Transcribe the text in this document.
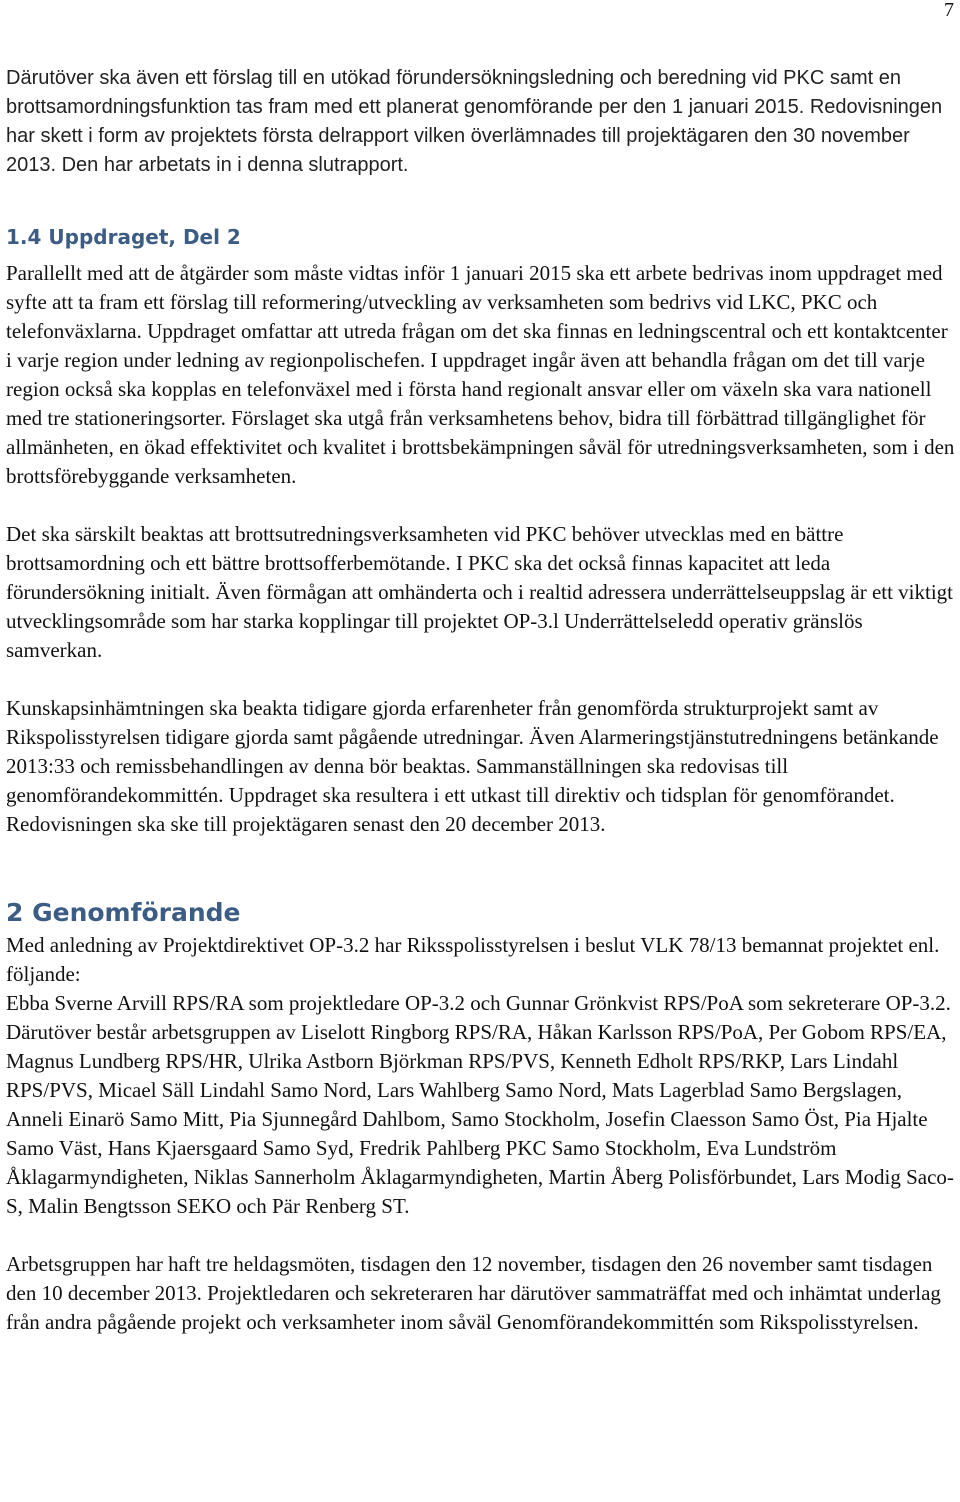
7

Därutöver ska även ett förslag till en utökad förundersökningsledning och beredning vid PKC samt en brottsamordningsfunktion tas fram med ett planerat genomförande per den 1 januari 2015. Redovisningen har skett i form av projektets första delrapport vilken överlämnades till projektägaren den 30 november 2013. Den har arbetats in i denna slutrapport.

1.4 Uppdraget, Del 2

Parallellt med att de åtgärder som måste vidtas inför 1 januari 2015 ska ett arbete bedrivas inom uppdraget med syfte att ta fram ett förslag till reformering/utveckling av verksamheten som bedrivs vid LKC, PKC och telefonväxlarna. Uppdraget omfattar att utreda frågan om det ska finnas en ledningscentral och ett kontaktcenter i varje region under ledning av regionpolischefen. I uppdraget ingår även att behandla frågan om det till varje region också ska kopplas en telefonväxel med i första hand regionalt ansvar eller om växeln ska vara nationell med tre stationeringsorter. Förslaget ska utgå från verksamhetens behov, bidra till förbättrad tillgänglighet för allmänheten, en ökad effektivitet och kvalitet i brottsbekämpningen såväl för utredningsverksamheten, som i den brottsförebyggande verksamheten.

Det ska särskilt beaktas att brottsutredningsverksamheten vid PKC behöver utvecklas med en bättre brottsamordning och ett bättre brottsofferbemötande. I PKC ska det också finnas kapacitet att leda förundersökning initialt. Även förmågan att omhänderta och i realtid adressera underrättelseuppslag är ett viktigt utvecklingsområde som har starka kopplingar till projektet OP-3.l Underrättelseledd operativ gränslös samverkan.

Kunskapsinhämtningen ska beakta tidigare gjorda erfarenheter från genomförda strukturprojekt samt av Rikspolisstyrelsen tidigare gjorda samt pågående utredningar. Även Alarmeringstjänstutredningens betänkande 2013:33 och remissbehandlingen av denna bör beaktas. Sammanställningen ska redovisas till genomförandekommittén. Uppdraget ska resultera i ett utkast till direktiv och tidsplan för genomförandet. Redovisningen ska ske till projektägaren senast den 20 december 2013.

2 Genomförande

Med anledning av Projektdirektivet OP-3.2 har Riksspolisstyrelsen i beslut VLK 78/13 bemannat projektet enl. följande:

Ebba Sverne Arvill RPS/RA som projektledare OP-3.2 och Gunnar Grönkvist RPS/PoA som sekreterare OP-3.2. Därutöver består arbetsgruppen av Liselott Ringborg RPS/RA, Håkan Karlsson RPS/PoA, Per Gobom RPS/EA, Magnus Lundberg RPS/HR, Ulrika Astborn Björkman RPS/PVS, Kenneth Edholt RPS/RKP, Lars Lindahl RPS/PVS, Micael Säll Lindahl Samo Nord, Lars Wahlberg Samo Nord, Mats Lagerblad Samo Bergslagen, Anneli Einarö Samo Mitt, Pia Sjunnegård Dahlbom, Samo Stockholm, Josefin Claesson Samo Öst, Pia Hjalte Samo Väst, Hans Kjaersgaard Samo Syd, Fredrik Pahlberg PKC Samo Stockholm, Eva Lundström Åklagarmyndigheten, Niklas Sannerholm Åklagarmyndigheten, Martin Åberg Polisförbundet, Lars Modig Saco-S, Malin Bengtsson SEKO och Pär Renberg ST.

Arbetsgruppen har haft tre heldagsmöten, tisdagen den 12 november, tisdagen den 26 november samt tisdagen den 10 december 2013. Projektledaren och sekreteraren har därutöver sammaträffat med och inhämtat underlag från andra pågående projekt och verksamheter inom såväl Genomförandekommittén som Rikspolisstyrelsen.
